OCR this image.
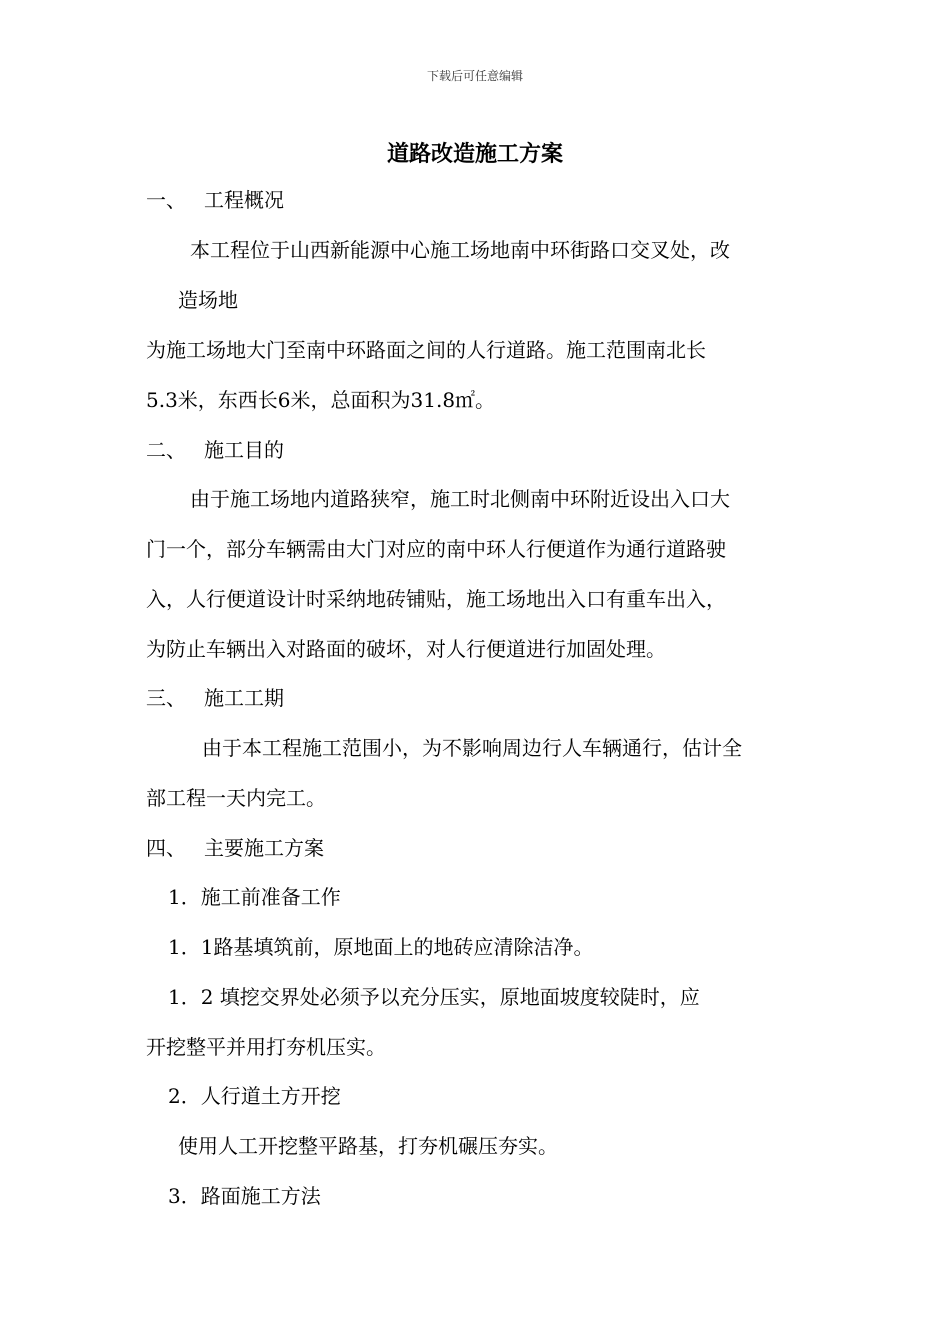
下载后可任意编辑
道路改造施工方案
一、 工程概况
本工程位于山西新能源中心施工场地南中环街路口交叉处，改
造场地
为施工场地大门至南中环路面之间的人行道路。施工范围南北长
5.3米，东西长6米，总面积为31.8㎡。
二、 施工目的
由于施工场地内道路狭窄，施工时北侧南中环附近设出入口大
门一个，部分车辆需由大门对应的南中环人行便道作为通行道路驶
入，人行便道设计时采纳地砖铺贴，施工场地出入口有重车出入，
为防止车辆出入对路面的破坏，对人行便道进行加固处理。
三、 施工工期
由于本工程施工范围小，为不影响周边行人车辆通行，估计全
部工程一天内完工。
四、 主要施工方案
1．施工前准备工作
1．1路基填筑前，原地面上的地砖应清除洁净。
1．2 填挖交界处必须予以充分压实，原地面坡度较陡时，应
开挖整平并用打夯机压实。
2．人行道土方开挖
使用人工开挖整平路基，打夯机碾压夯实。
3．路面施工方法
